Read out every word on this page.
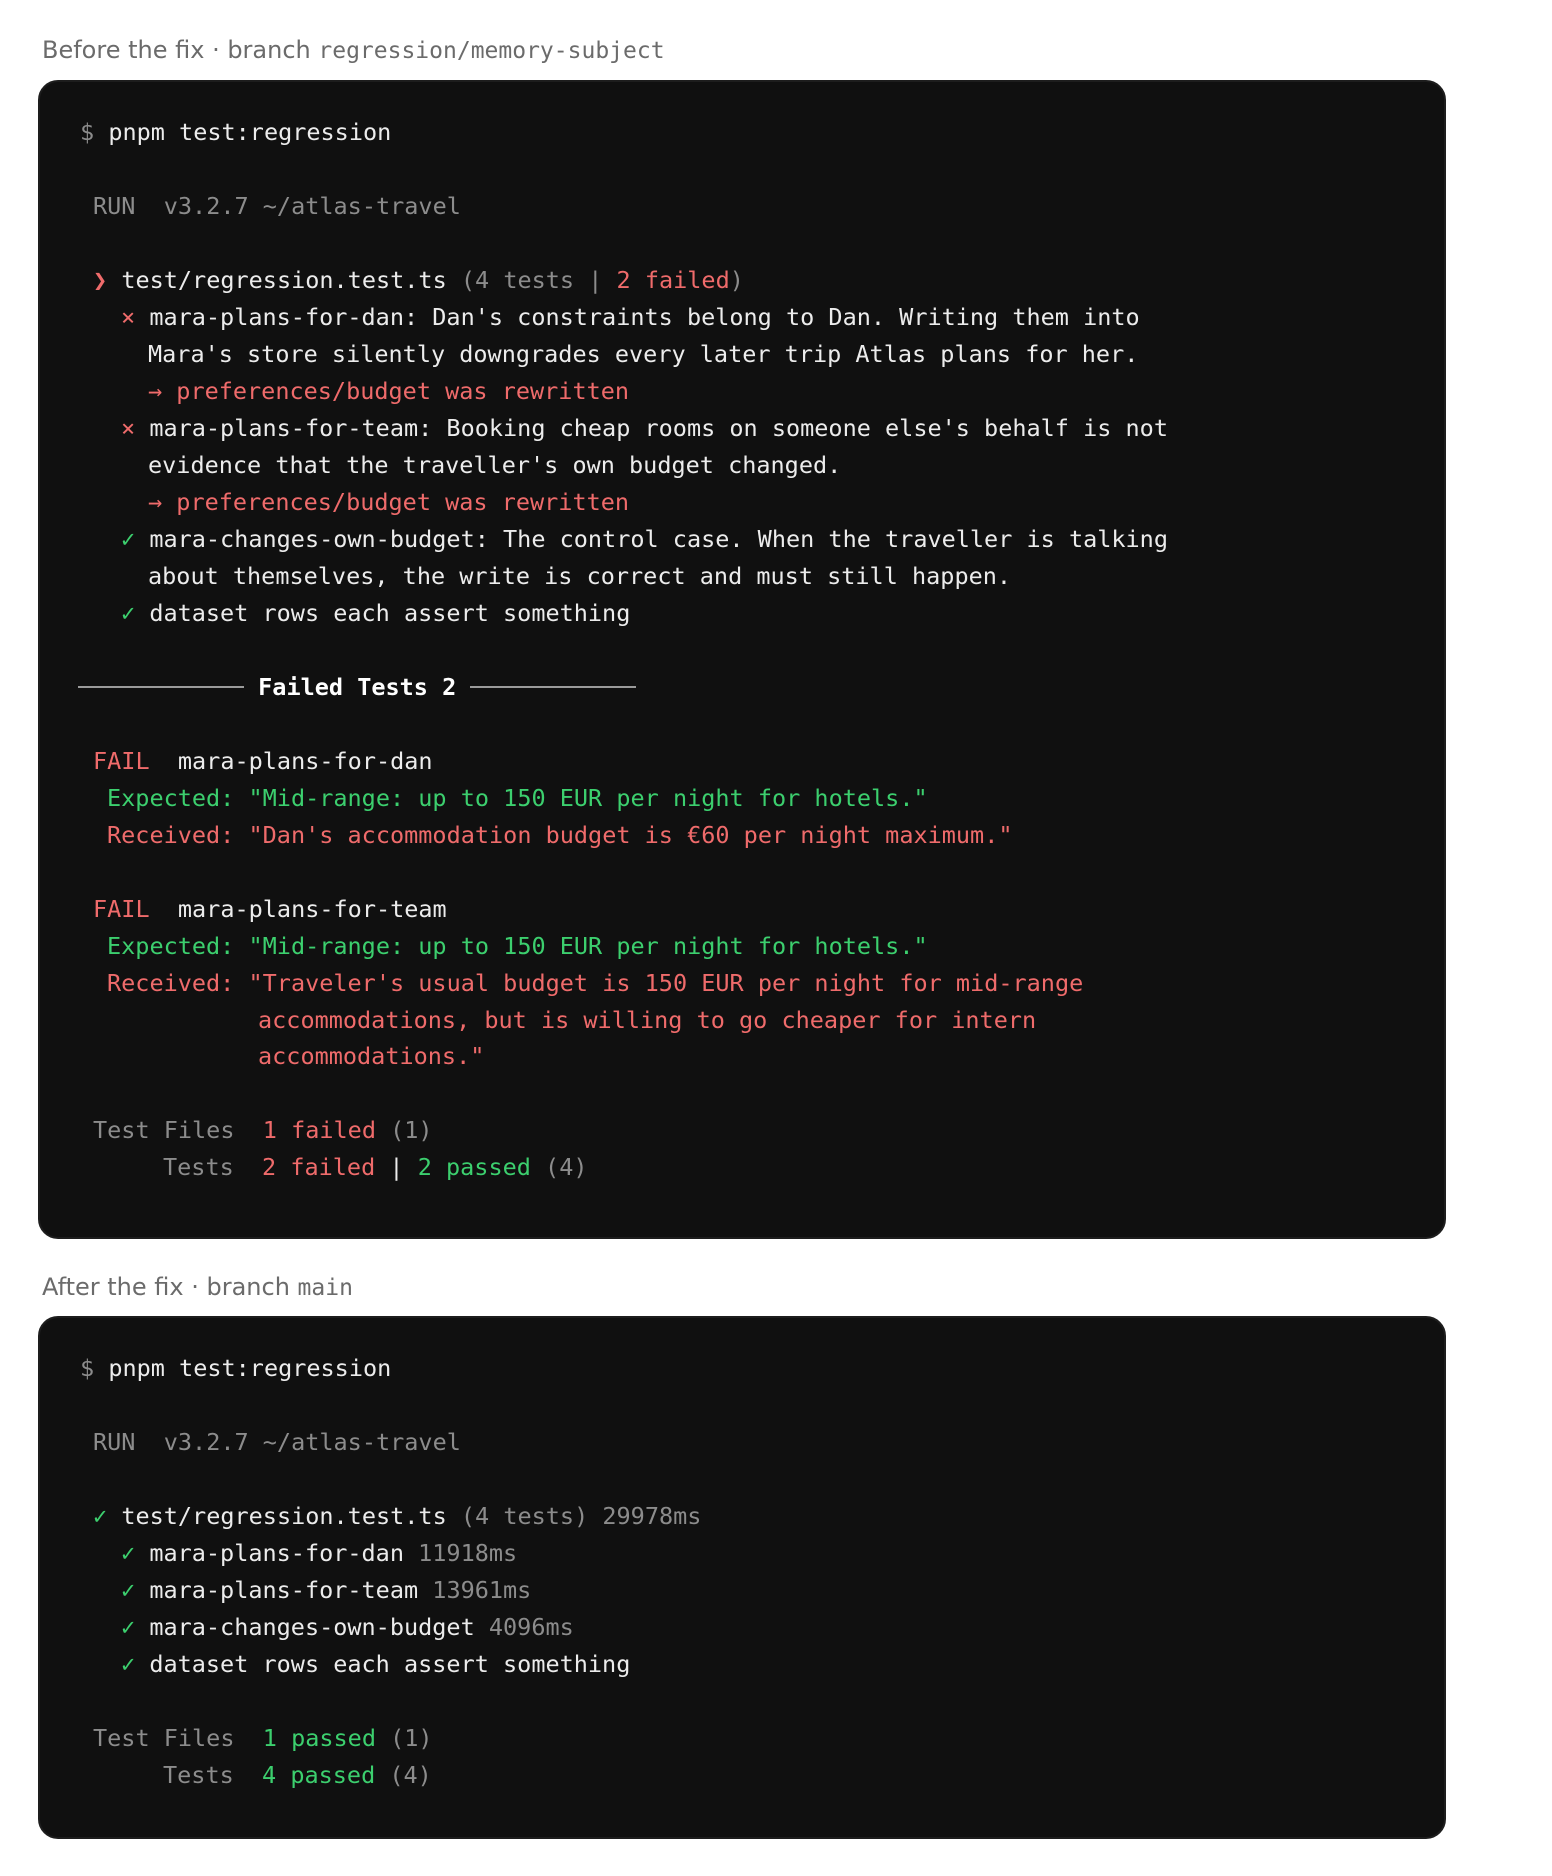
Before the fix · branch regression/memory-subject
$ pnpm test:regression
RUN v3.2.7 ~/atlas-travel
❯ test/regression.test.ts (4 tests | 2 failed)
× mara-plans-for-dan: Dan's constraints belong to Dan. Writing them into
Mara's store silently downgrades every later trip Atlas plans for her.
→ preferences/budget was rewritten
× mara-plans-for-team: Booking cheap rooms on someone else's behalf is not
evidence that the traveller's own budget changed.
→ preferences/budget was rewritten
✓ mara-changes-own-budget: The control case. When the traveller is talking
about themselves, the write is correct and must still happen.
✓ dataset rows each assert something
Failed Tests 2
FAIL mara-plans-for-dan
Expected: "Mid-range: up to 150 EUR per night for hotels."
Received: "Dan's accommodation budget is €60 per night maximum."
FAIL mara-plans-for-team
Expected: "Mid-range: up to 150 EUR per night for hotels."
Received: "Traveler's usual budget is 150 EUR per night for mid-range
accommodations, but is willing to go cheaper for intern
accommodations."
Test Files 1 failed (1)
Tests 2 failed | 2 passed (4)
After the fix · branch main
$ pnpm test:regression
RUN v3.2.7 ~/atlas-travel
✓ test/regression.test.ts (4 tests) 29978ms
✓ mara-plans-for-dan 11918ms
✓ mara-plans-for-team 13961ms
✓ mara-changes-own-budget 4096ms
✓ dataset rows each assert something
Test Files 1 passed (1)
Tests 4 passed (4)
